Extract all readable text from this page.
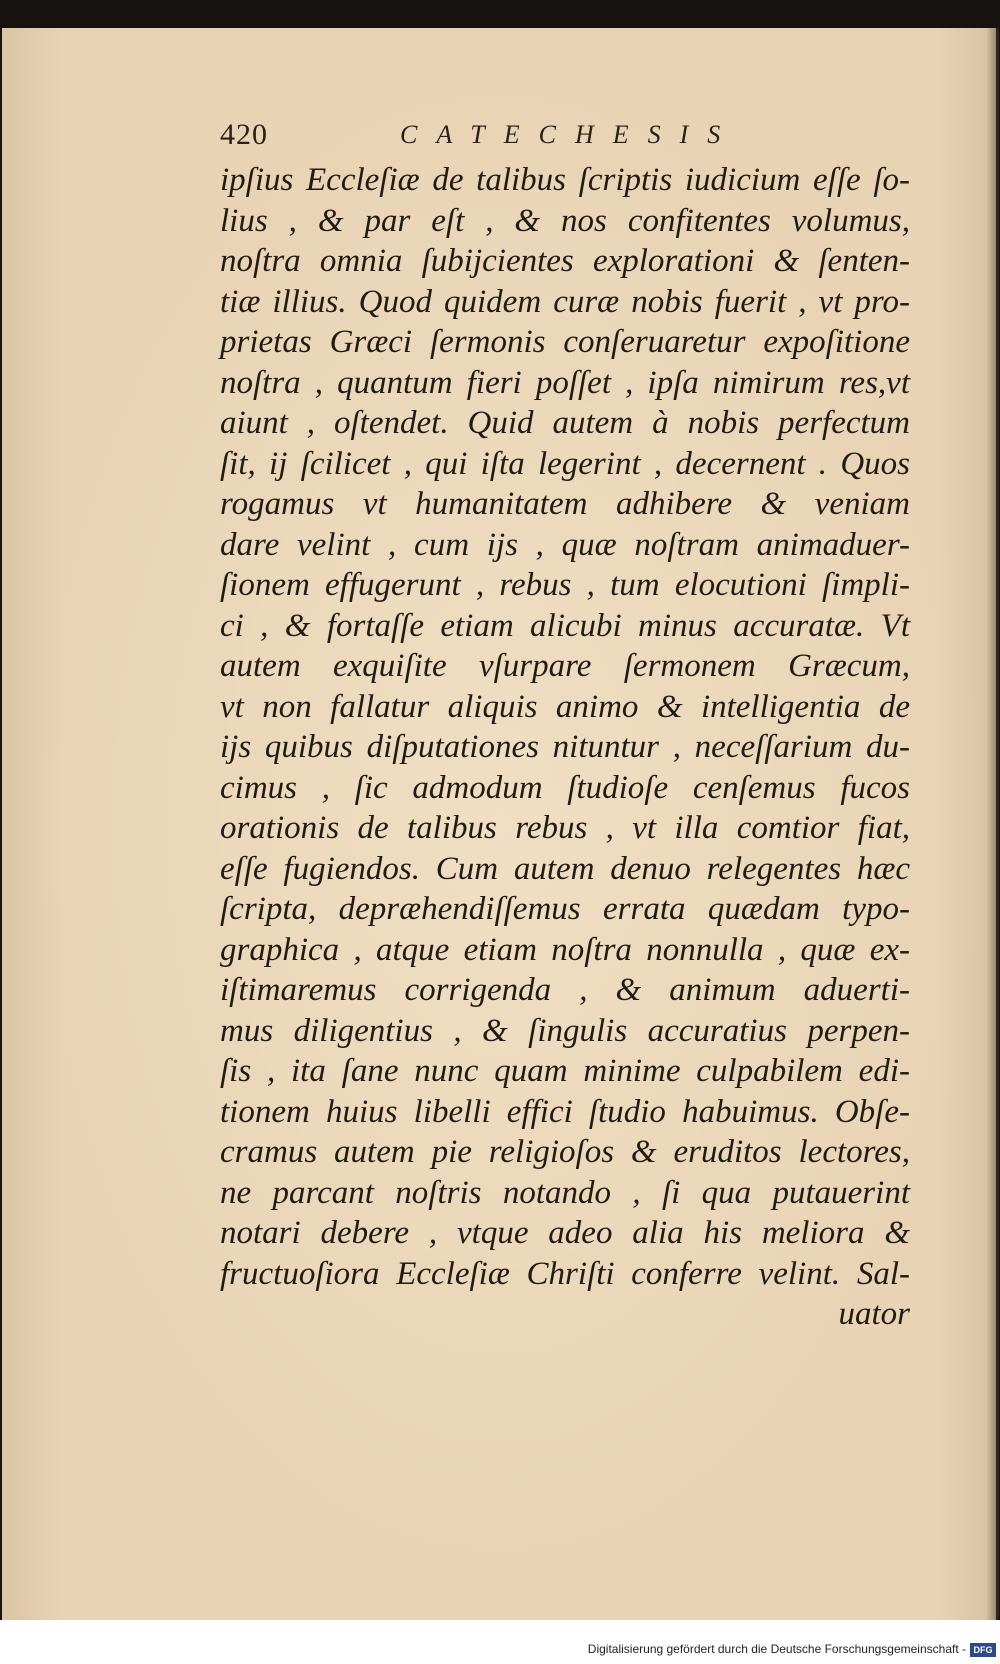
420	CATECHESIS
ipſius Eccleſiæ de talibus ſcriptis iudicium eſſe ſo-
lius , & par eſt , & nos confitentes volumus,
noſtra omnia ſubijcientes explorationi & ſenten-
tiæ illius. Quod quidem curæ nobis fuerit , vt pro-
prietas Græci ſermonis conſeruaretur expoſitione
noſtra , quantum fieri poſſet , ipſa nimirum res,vt
aiunt , oſtendet. Quid autem à nobis perfectum
ſit, ij ſcilicet , qui iſta legerint , decernent . Quos
rogamus vt humanitatem adhibere & veniam
dare velint , cum ijs , quæ noſtram animaduer-
ſionem effugerunt , rebus , tum elocutioni ſimpli-
ci , & fortaſſe etiam alicubi minus accuratæ. Vt
autem exquiſite vſurpare ſermonem Græcum,
vt non fallatur aliquis animo & intelligentia de
ijs quibus diſputationes nituntur , neceſſarium du-
cimus , ſic admodum ſtudioſe cenſemus fucos
orationis de talibus rebus , vt illa comtior fiat,
eſſe fugiendos. Cum autem denuo relegentes hæc
ſcripta, depræhendiſſemus errata quædam typo-
graphica , atque etiam noſtra nonnulla , quæ ex-
iſtimaremus corrigenda , & animum aduerti-
mus diligentius , & ſingulis accuratius perpen-
ſis , ita ſane nunc quam minime culpabilem edi-
tionem huius libelli effici ſtudio habuimus. Obſe-
cramus autem pie religioſos & eruditos lectores,
ne parcant noſtris notando , ſi qua putauerint
notari debere , vtque adeo alia his meliora &
fructuoſiora Eccleſiæ Chriſti conferre velint. Sal-
uator
Digitalisierung gefördert durch die Deutsche Forschungsgemeinschaft - DFG
